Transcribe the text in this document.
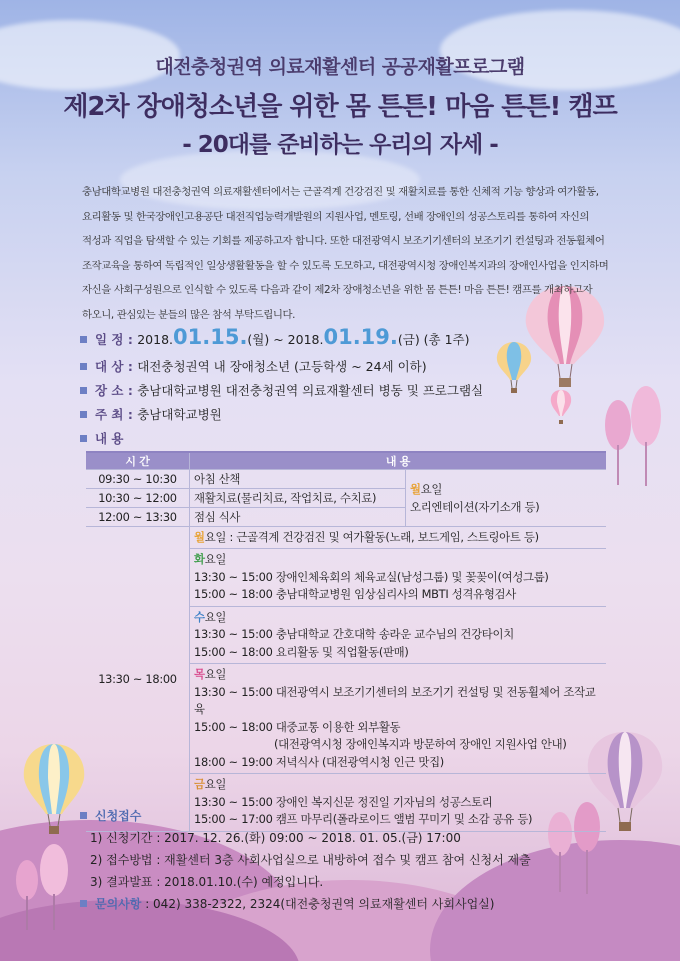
대전충청권역 의료재활센터 공공재활프로그램
제2차 장애청소년을 위한 몸 튼튼! 마음 튼튼! 캠프
- 20대를 준비하는 우리의 자세 -
충남대학교병원 대전충청권역 의료재활센터에서는 근골격계 건강검진 및 재활치료를 통한 신체적 기능 향상과 여가활동,
요리활동 및 한국장애인고용공단 대전직업능력개발원의 지원사업, 멘토링, 선배 장애인의 성공스토리를 통하여 자신의
적성과 직업을 탐색할 수 있는 기회를 제공하고자 합니다. 또한 대전광역시 보조기기센터의 보조기기 컨설팅과 전동휠체어
조작교육을 통하여 독립적인 일상생활활동을 할 수 있도록 도모하고, 대전광역시청 장애인복지과의 장애인사업을 인지하며
자신을 사회구성원으로 인식할 수 있도록 다음과 같이 제2차 장애청소년을 위한 몸 튼튼! 마음 튼튼! 캠프를 개최하고자
하오니, 관심있는 분들의 많은 참석 부탁드립니다.
일 정 : 2018.01.15.(월) ~ 2018.01.19.(금) (총 1주)
대 상 : 대전충청권역 내 장애청소년 (고등학생 ~ 24세 이하)
장 소 : 충남대학교병원 대전충청권역 의료재활센터 병동 및 프로그램실
주 최 : 충남대학교병원
내 용
시 간	내 용	
09:30 ~ 10:30	아침 산책	월요일
오리엔테이션(자기소개 등)

10:30 ~ 12:00	재활치료(물리치료, 작업치료, 수치료)	
12:00 ~ 13:30	점심 식사	
13:30 ~ 18:00	월요일 : 근골격계 건강검진 및 여가활동(노래, 보드게임, 스트링아트 등)	

	화요일
13:30 ~ 15:00 장애인체육회의 체육교실(남성그룹) 및 꽃꽂이(여성그룹)
15:00 ~ 18:00 충남대학교병원 임상심리사의 MBTI 성격유형검사	

	수요일
13:30 ~ 15:00 충남대학교 간호대학 송라운 교수님의 건강타이치
15:00 ~ 18:00 요리활동 및 직업활동(판매)	

	목요일
13:30 ~ 15:00 대전광역시 보조기기센터의 보조기기 컨설팅 및 전동휠체어 조작교육
15:00 ~ 18:00 대중교통 이용한 외부활동
(대전광역시청 장애인복지과 방문하여 장애인 지원사업 안내)
18:00 ~ 19:00 저녁식사 (대전광역시청 인근 맛집)	

	금요일
13:30 ~ 15:00 장애인 복지신문 정진일 기자님의 성공스토리
15:00 ~ 17:00 캠프 마무리(폴라로이드 앨범 꾸미기 및 소감 공유 등)	
신청접수
1) 신청기간 : 2017. 12. 26.(화) 09:00 ~ 2018. 01. 05.(금) 17:00
2) 접수방법 : 재활센터 3층 사회사업실으로 내방하여 접수 및 캠프 참여 신청서 제출
3) 결과발표 : 2018.01.10.(수) 예정입니다.
문의사항 : 042) 338-2322, 2324(대전충청권역 의료재활센터 사회사업실)
